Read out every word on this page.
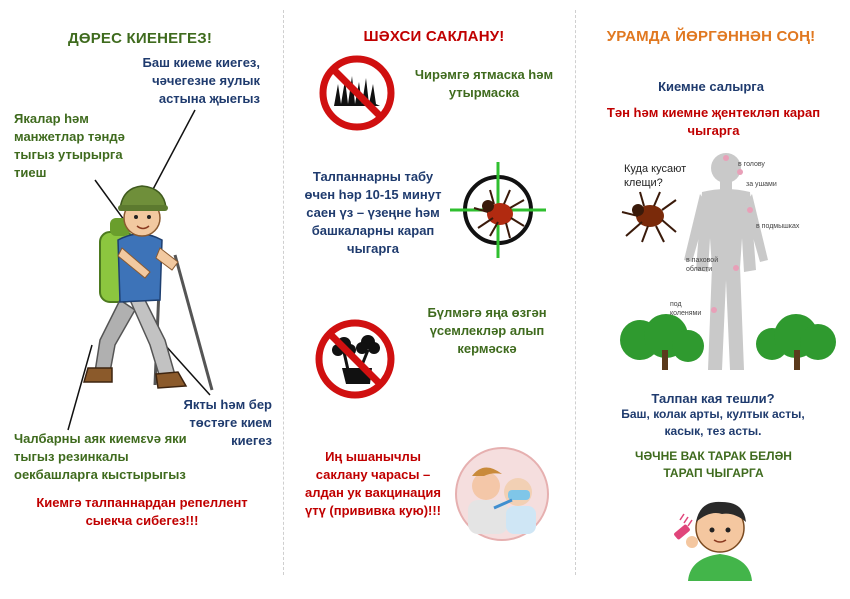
ДӨРЕС КИЕНЕГЕЗ!

Баш киеме киегез, чәчегезне яулык астына җыегыз

Якалар һәм манжетлар тәндә тыгыз утырырга тиеш

Якты һәм бер төстәге кием киегез

Чалбарны аяк киемενә яки тыгыз резинкалы оекбашларга кыстырыгыз

Киемгә талпаннардан репеллент сыекча сибегез!!!

ШӘХСИ САКЛАНУ!

Чирәмгә ятмаска һәм утырмаска

Талпаннарны табу өчен һәр 10-15 минут саен үз – үзеңне һәм башкаларны карап чыгарга

Бүлмәгә яңа өзгән үсемлекләр алып кермәскә

Иң ышанычлы саклану чарасы – алдан ук вакцинация үтү (прививка кую)!!!

УРАМДА ЙӨРГӘННӘН СОҢ!

Киемне салырга

Тән һәм киемне җентекләп карап чыгарга

Куда кусают клещи?

в голову
за ушами
в подмышках
в паховой области
под коленями

Талпан кая тешли?

Баш, колак арты, култык асты, касык, тез асты.

ЧӘЧНЕ ВАК ТАРАК БЕЛӘН ТАРАП ЧЫГАРГА
